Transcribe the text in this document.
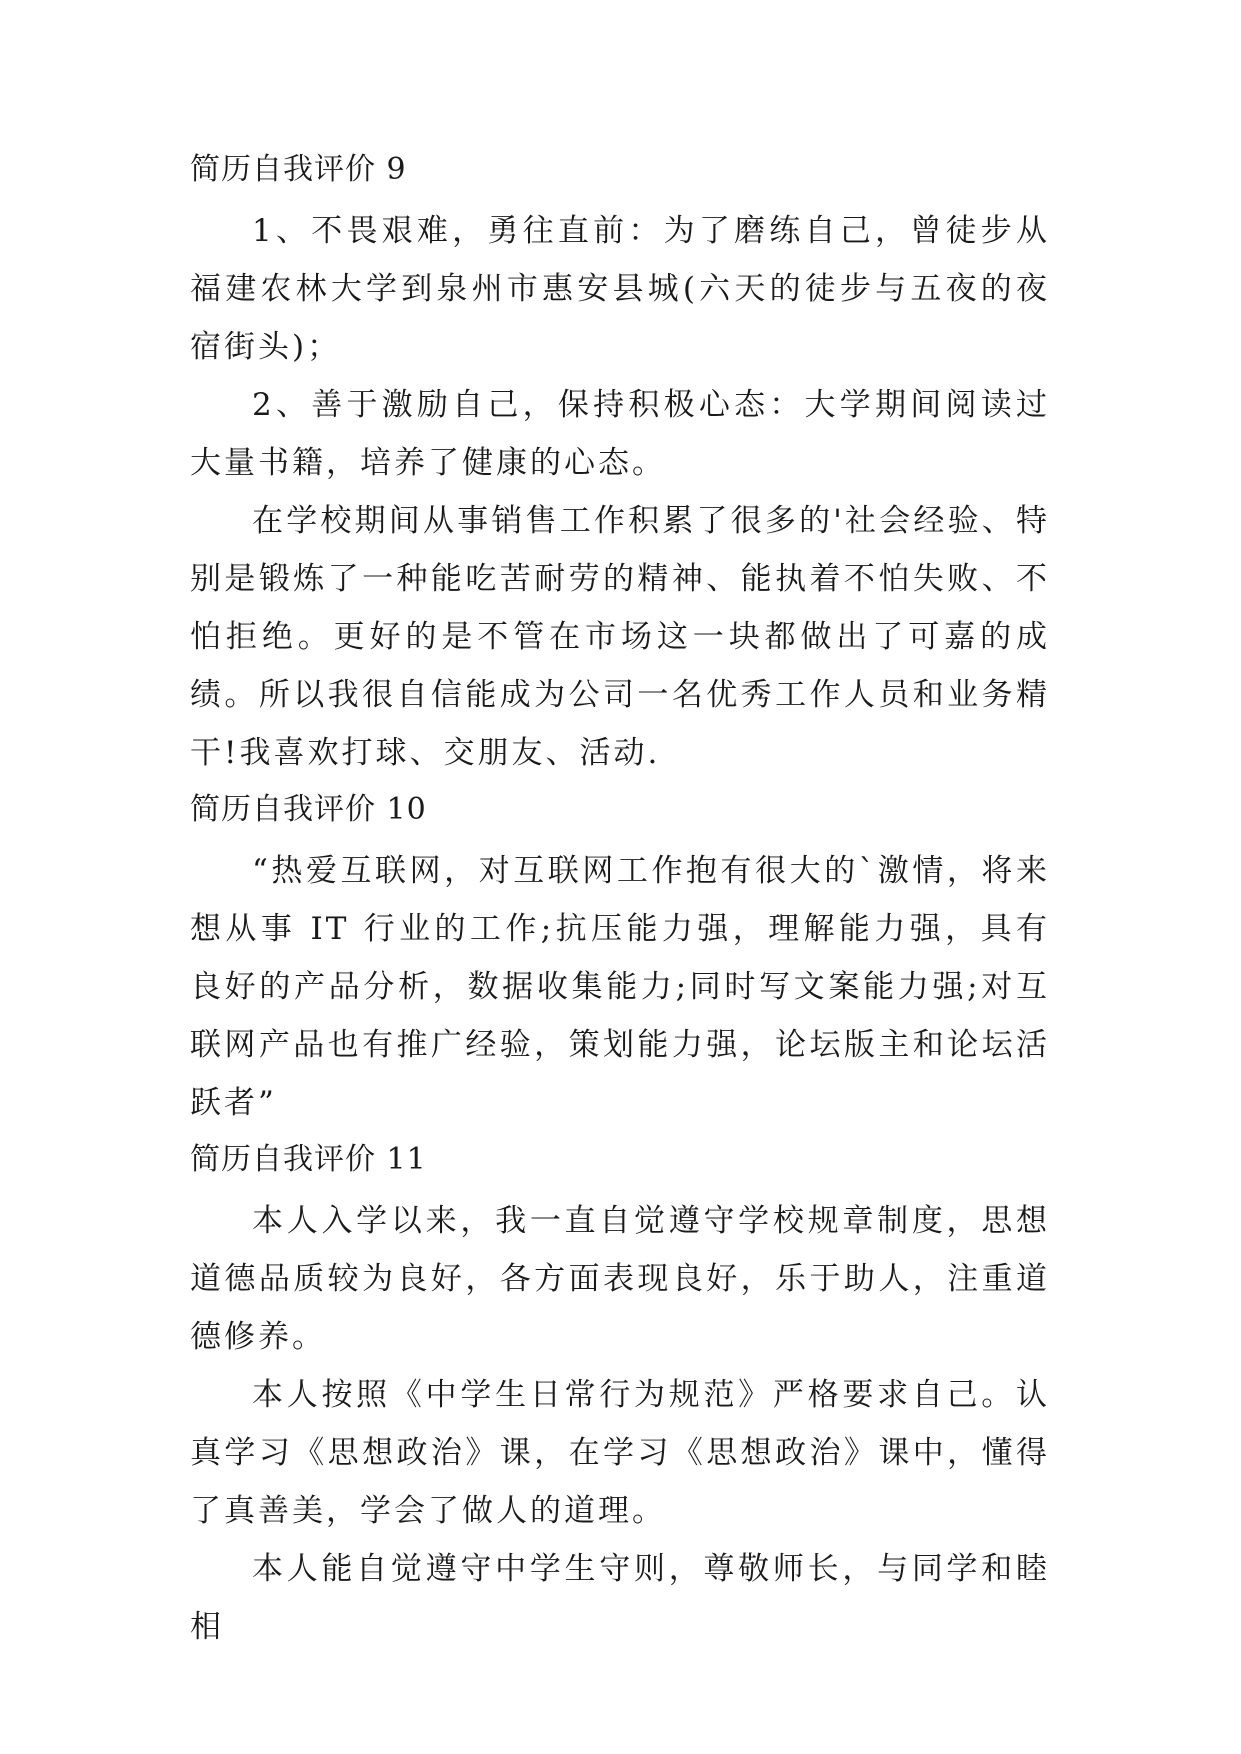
简历自我评价 9

1、不畏艰难，勇往直前：为了磨练自己，曾徒步从福建农林大学到泉州市惠安县城(六天的徒步与五夜的夜宿街头)；

2、善于激励自己，保持积极心态：大学期间阅读过大量书籍，培养了健康的心态。

在学校期间从事销售工作积累了很多的'社会经验、特别是锻炼了一种能吃苦耐劳的精神、能执着不怕失败、不怕拒绝。更好的是不管在市场这一块都做出了可嘉的成绩。所以我很自信能成为公司一名优秀工作人员和业务精干!我喜欢打球、交朋友、活动.

简历自我评价 10

“热爱互联网，对互联网工作抱有很大的`激情，将来想从事 IT 行业的工作;抗压能力强，理解能力强，具有良好的产品分析，数据收集能力;同时写文案能力强;对互联网产品也有推广经验，策划能力强，论坛版主和论坛活跃者”

简历自我评价 11

本人入学以来，我一直自觉遵守学校规章制度，思想道德品质较为良好，各方面表现良好，乐于助人，注重道德修养。

本人按照《中学生日常行为规范》严格要求自己。认真学习《思想政治》课，在学习《思想政治》课中，懂得了真善美，学会了做人的道理。

本人能自觉遵守中学生守则，尊敬师长，与同学和睦相
